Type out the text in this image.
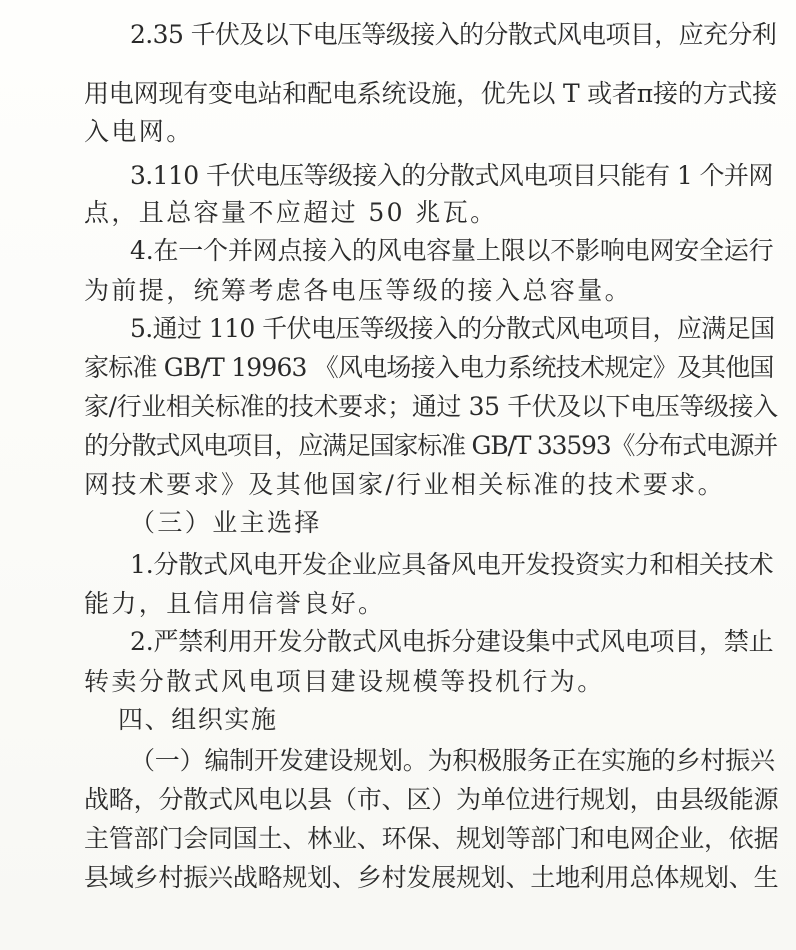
2.35 千伏及以下电压等级接入的分散式风电项目，应充分利
用电网现有变电站和配电系统设施，优先以 T 或者π接的方式接
入电网。
3.110 千伏电压等级接入的分散式风电项目只能有 1 个并网
点，且总容量不应超过 50 兆瓦。
4.在一个并网点接入的风电容量上限以不影响电网安全运行
为前提，统筹考虑各电压等级的接入总容量。
5.通过 110 千伏电压等级接入的分散式风电项目，应满足国
家标准 GB/T 19963 《风电场接入电力系统技术规定》及其他国
家/行业相关标准的技术要求；通过 35 千伏及以下电压等级接入
的分散式风电项目，应满足国家标准 GB/T 33593《分布式电源并
网技术要求》及其他国家/行业相关标准的技术要求。
（三）业主选择
1.分散式风电开发企业应具备风电开发投资实力和相关技术
能力，且信用信誉良好。
2.严禁利用开发分散式风电拆分建设集中式风电项目，禁止
转卖分散式风电项目建设规模等投机行为。
四、组织实施
（一）编制开发建设规划。为积极服务正在实施的乡村振兴
战略，分散式风电以县（市、区）为单位进行规划，由县级能源
主管部门会同国土、林业、环保、规划等部门和电网企业，依据
县域乡村振兴战略规划、乡村发展规划、土地利用总体规划、生
